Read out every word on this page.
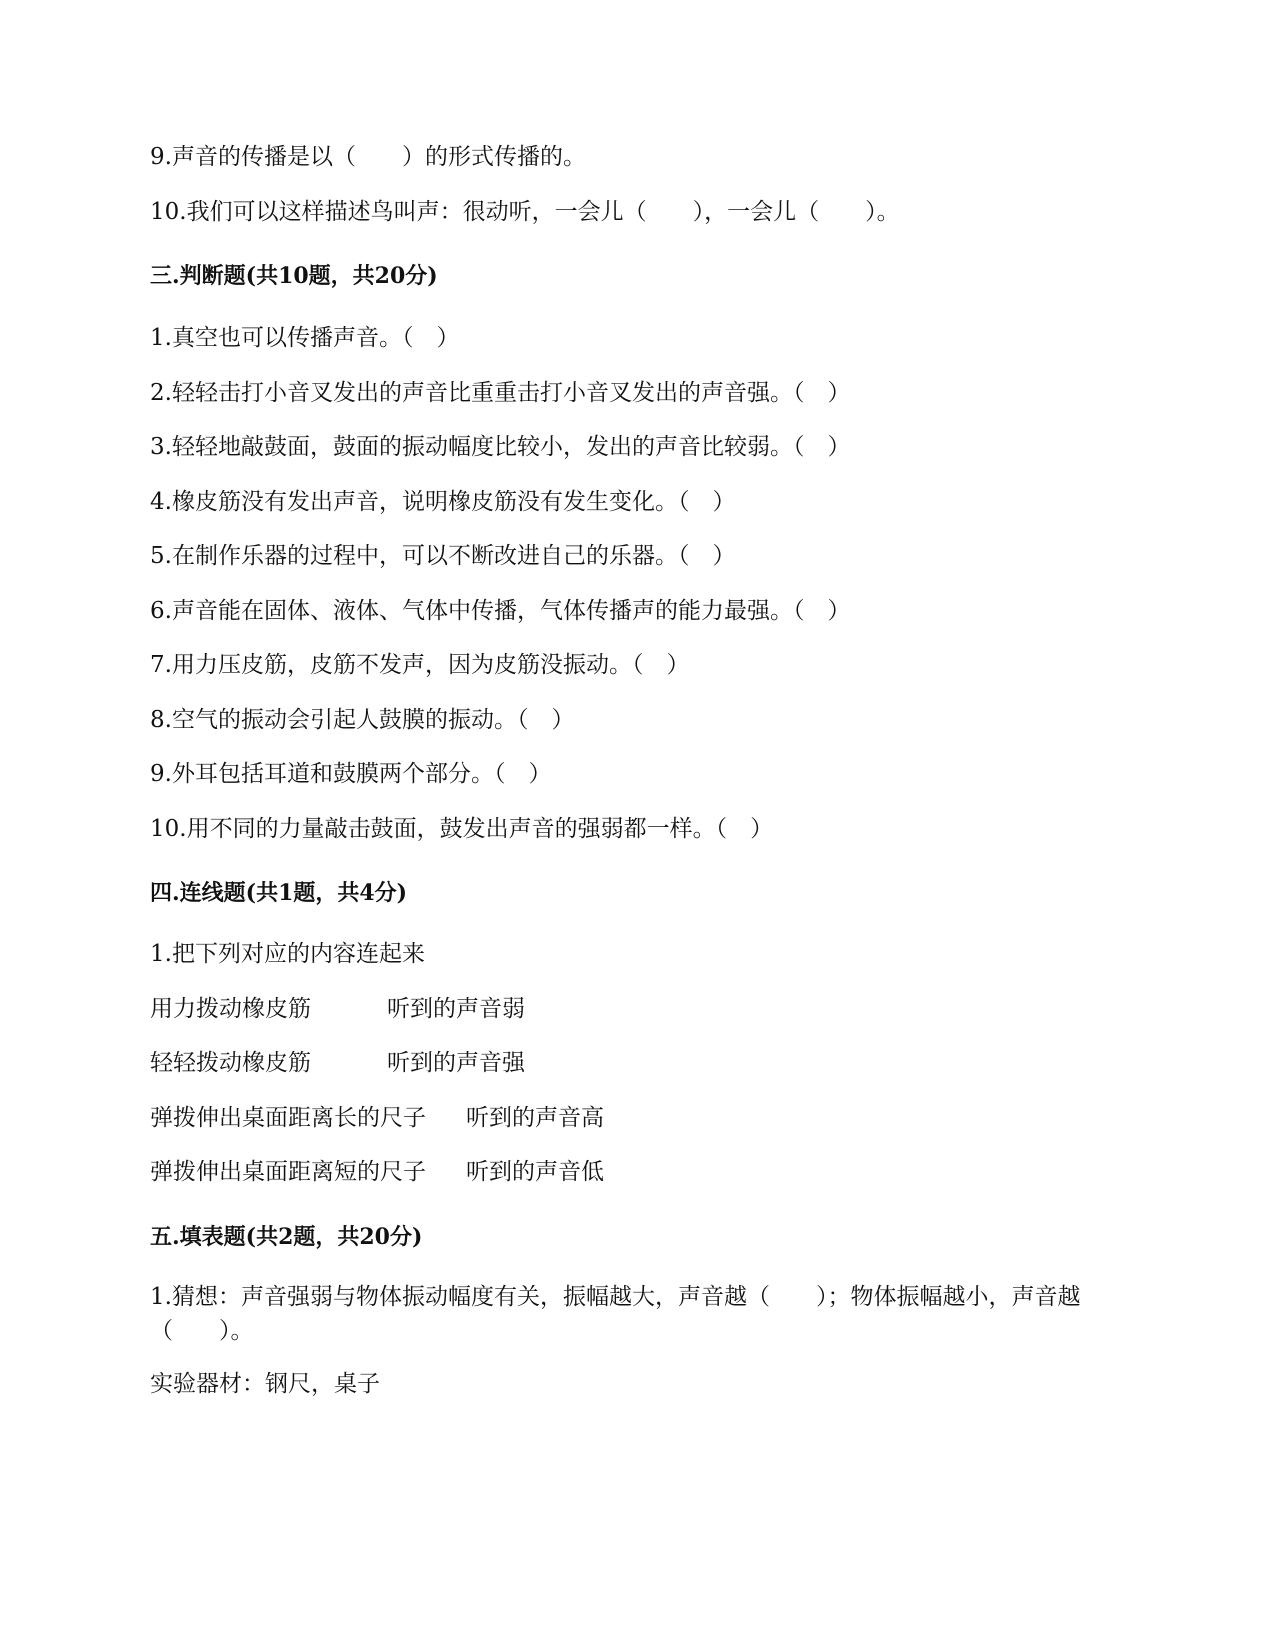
9.声音的传播是以（　　）的形式传播的。
10.我们可以这样描述鸟叫声：很动听，一会儿（　　），一会儿（　　）。
三.判断题(共10题，共20分)
1.真空也可以传播声音。（　）
2.轻轻击打小音叉发出的声音比重重击打小音叉发出的声音强。（　）
3.轻轻地敲鼓面，鼓面的振动幅度比较小，发出的声音比较弱。（　）
4.橡皮筋没有发出声音，说明橡皮筋没有发生变化。（　）
5.在制作乐器的过程中，可以不断改进自己的乐器。（　）
6.声音能在固体、液体、气体中传播，气体传播声的能力最强。（　）
7.用力压皮筋，皮筋不发声，因为皮筋没振动。（　）
8.空气的振动会引起人鼓膜的振动。（　）
9.外耳包括耳道和鼓膜两个部分。（　）
10.用不同的力量敲击鼓面，鼓发出声音的强弱都一样。（　）
四.连线题(共1题，共4分)
1.把下列对应的内容连起来
用力拨动橡皮筋	听到的声音弱
轻轻拨动橡皮筋	听到的声音强
弹拨伸出桌面距离长的尺子 听到的声音高
弹拨伸出桌面距离短的尺子 听到的声音低
五.填表题(共2题，共20分)
1.猜想：声音强弱与物体振动幅度有关，振幅越大，声音越（　　）；物体振幅越小，声音越（　　）。
实验器材：钢尺，桌子
